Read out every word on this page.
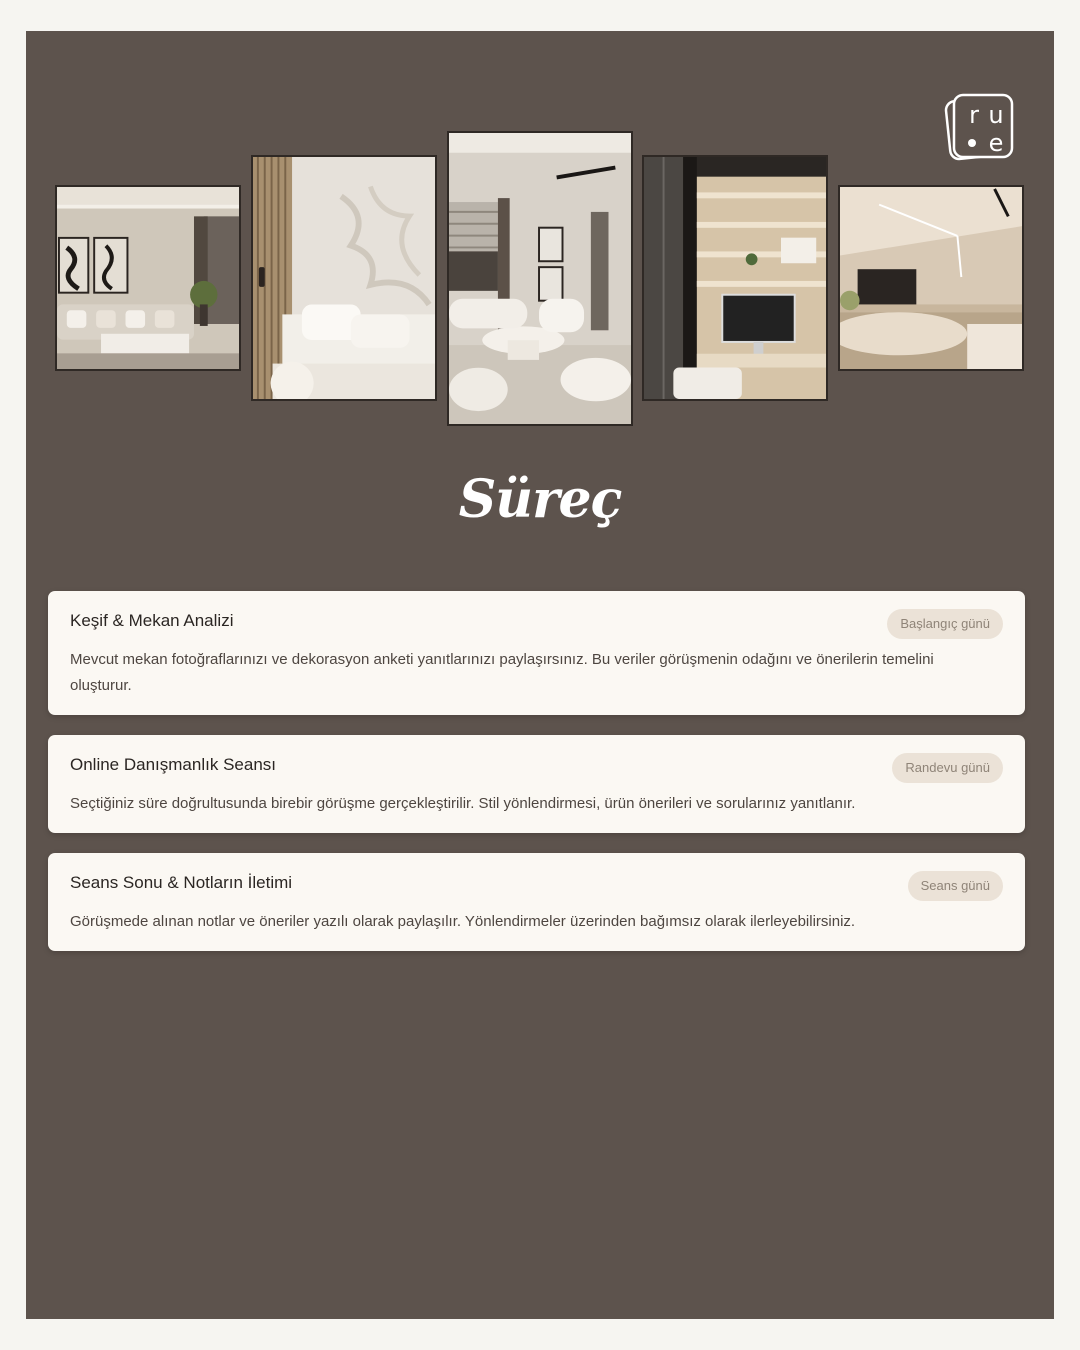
r u
e
Süreç
Keşif & Mekan Analizi	Başlangıç günü

Mevcut mekan fotoğraflarınızı ve dekorasyon anketi yanıtlarınızı paylaşırsınız. Bu veriler görüşmenin odağını ve önerilerin temelini oluşturur.

Online Danışmanlık Seansı	Randevu günü

Seçtiğiniz süre doğrultusunda birebir görüşme gerçekleştirilir. Stil yönlendirmesi, ürün önerileri ve sorularınız yanıtlanır.

Seans Sonu & Notların İletimi	Seans günü

Görüşmede alınan notlar ve öneriler yazılı olarak paylaşılır. Yönlendirmeler üzerinden bağımsız olarak ilerleyebilirsiniz.
